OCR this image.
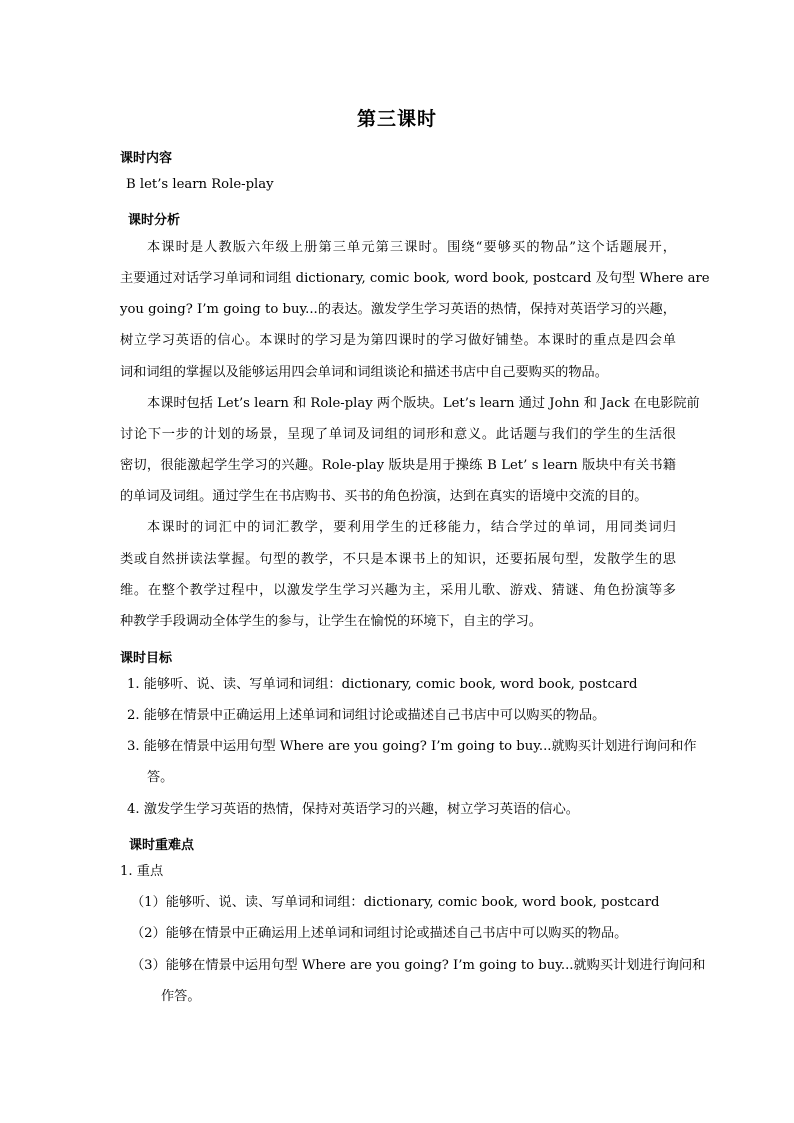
第三课时
课时内容
B let’s learn Role-play
课时分析
本课时是人教版六年级上册第三单元第三课时。围绕“要够买的物品”这个话题展开，
主要通过对话学习单词和词组 dictionary, comic book, word book, postcard 及句型 Where are
you going? I’m going to buy...的表达。激发学生学习英语的热情，保持对英语学习的兴趣，
树立学习英语的信心。本课时的学习是为第四课时的学习做好铺垫。本课时的重点是四会单
词和词组的掌握以及能够运用四会单词和词组谈论和描述书店中自己要购买的物品。
本课时包括 Let’s learn 和 Role-play 两个版块。Let’s learn 通过 John 和 Jack 在电影院前
讨论下一步的计划的场景，呈现了单词及词组的词形和意义。此话题与我们的学生的生活很
密切，很能激起学生学习的兴趣。Role-play 版块是用于操练 B Let’ s learn 版块中有关书籍
的单词及词组。通过学生在书店购书、买书的角色扮演，达到在真实的语境中交流的目的。
本课时的词汇中的词汇教学，要利用学生的迁移能力，结合学过的单词，用同类词归
类或自然拼读法掌握。句型的教学，不只是本课书上的知识，还要拓展句型，发散学生的思
维。在整个教学过程中，以激发学生学习兴趣为主，采用儿歌、游戏、猜谜、角色扮演等多
种教学手段调动全体学生的参与，让学生在愉悦的环境下，自主的学习。
课时目标
1. 能够听、说、读、写单词和词组：dictionary, comic book, word book, postcard
2. 能够在情景中正确运用上述单词和词组讨论或描述自己书店中可以购买的物品。
3. 能够在情景中运用句型 Where are you going? I’m going to buy...就购买计划进行询问和作
答。
4. 激发学生学习英语的热情，保持对英语学习的兴趣，树立学习英语的信心。
课时重难点
1. 重点
（1）能够听、说、读、写单词和词组：dictionary, comic book, word book, postcard
（2）能够在情景中正确运用上述单词和词组讨论或描述自己书店中可以购买的物品。
（3）能够在情景中运用句型 Where are you going? I’m going to buy...就购买计划进行询问和
作答。
